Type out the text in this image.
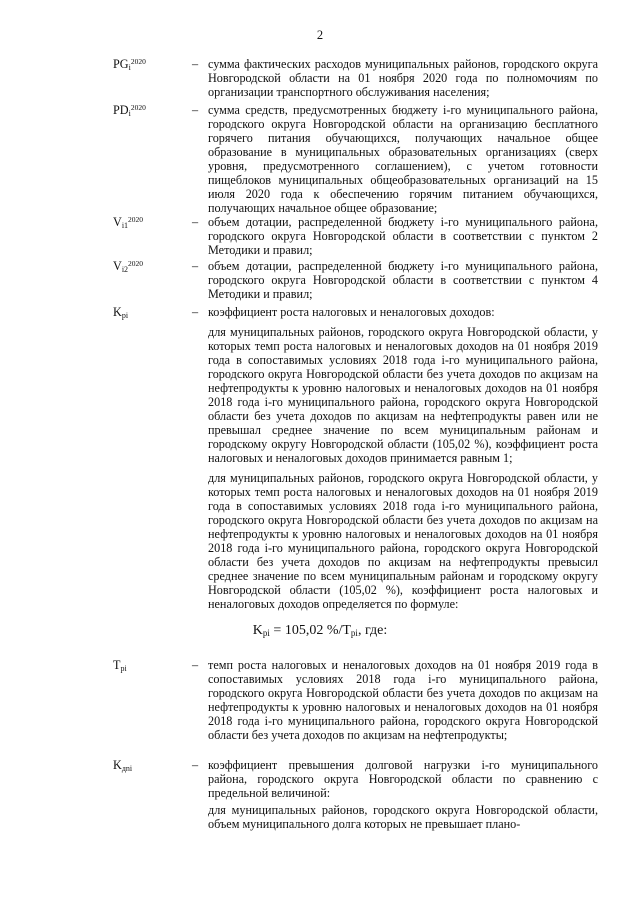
2
$PG_i^{2020}$	– сумма фактических расходов муниципальных районов, городского округа Новгородской области на 01 ноября 2020 года по полномочиям по организации транспортного обслуживания населения;

$PD_i^{2020}$	– сумма средств, предусмотренных бюджету i-го муниципального района, городского округа Новгородской области на организацию бесплатного горячего питания обучающихся, получающих начальное общее образование в муниципальных образовательных организациях (сверх уровня, предусмотренного соглашением), с учетом готовности пищеблоков муниципальных общеобразовательных организаций на 15 июля 2020 года к обеспечению горячим питанием обучающихся, получающих начальное общее образование;

$V_{i1}^{2020}$	– объем дотации, распределенной бюджету i-го муниципального района, городского округа Новгородской области в соответствии с пунктом 2 Методики и правил;

$V_{i2}^{2020}$	– объем дотации, распределенной бюджету i-го муниципального района, городского округа Новгородской области в соответствии с пунктом 4 Методики и правил;

$K_{pi}$	– коэффициент роста налоговых и неналоговых доходов:

для муниципальных районов, городского округа Новгородской области, у которых темп роста налоговых и неналоговых доходов на 01 ноября 2019 года в сопоставимых условиях 2018 года i-го муниципального района, городского округа Новгородской области без учета доходов по акцизам на нефтепродукты к уровню налоговых и неналоговых доходов на 01 ноября 2018 года i-го муниципального района, городского округа Новгородской области без учета доходов по акцизам на нефтепродукты равен или не превышал среднее значение по всем муниципальным районам и городскому округу Новгородской области (105,02 %), коэффициент роста налоговых и неналоговых доходов принимается равным 1;

для муниципальных районов, городского округа Новгородской области, у которых темп роста налоговых и неналоговых доходов на 01 ноября 2019 года в сопоставимых условиях 2018 года i-го муниципального района, городского округа Новгородской области без учета доходов по акцизам на нефтепродукты к уровню налоговых и неналоговых доходов на 01 ноября 2018 года i-го муниципального района, городского округа Новгородской области без учета доходов по акцизам на нефтепродукты превысил среднее значение по всем муниципальным районам и городскому округу Новгородской области (105,02 %), коэффициент роста налоговых и неналоговых доходов определяется по формуле:

$K_{pi} = 105,02$ $\%/T_{pi}$, где:
$T_{pi}$	– темп роста налоговых и неналоговых доходов на 01 ноября 2019 года в сопоставимых условиях 2018 года i-го муниципального района, городского округа Новгородской области без учета доходов по акцизам на нефтепродукты к уровню налоговых и неналоговых доходов на 01 ноября 2018 года i-го муниципального района, городского округа Новгородской области без учета доходов по акцизам на нефтепродукты;

$K_{дni}$	– коэффициент превышения долговой нагрузки i-го муниципального района, городского округа Новгородской области по сравнению с предельной величиной:

для муниципальных районов, городского округа Новгородской области, объем муниципального долга которых не превышает плано-
